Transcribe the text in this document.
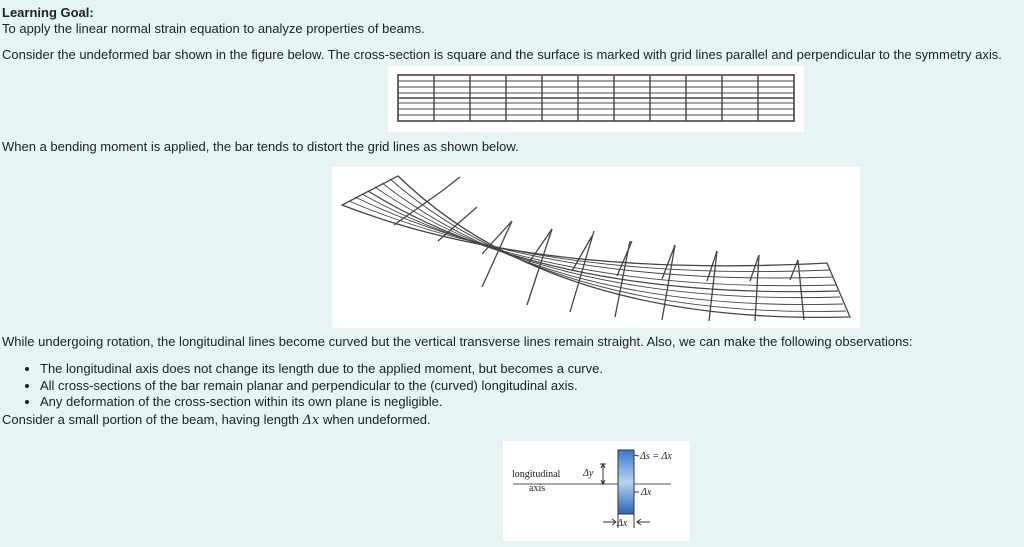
Learning Goal:
To apply the linear normal strain equation to analyze properties of beams.
Consider the undeformed bar shown in the figure below. The cross-section is square and the surface is marked with grid lines parallel and perpendicular to the symmetry axis.
When a bending moment is applied, the bar tends to distort the grid lines as shown below.
While undergoing rotation, the longitudinal lines become curved but the vertical transverse lines remain straight. Also, we can make the following observations:
• The longitudinal axis does not change its length due to the applied moment, but becomes a curve.
• All cross-sections of the bar remain planar and perpendicular to the (curved) longitudinal axis.
• Any deformation of the cross-section within its own plane is negligible.
Consider a small portion of the beam, having length Δx when undeformed.
longitudinal
axis
Δy
Δs = Δx
Δx
Δx
